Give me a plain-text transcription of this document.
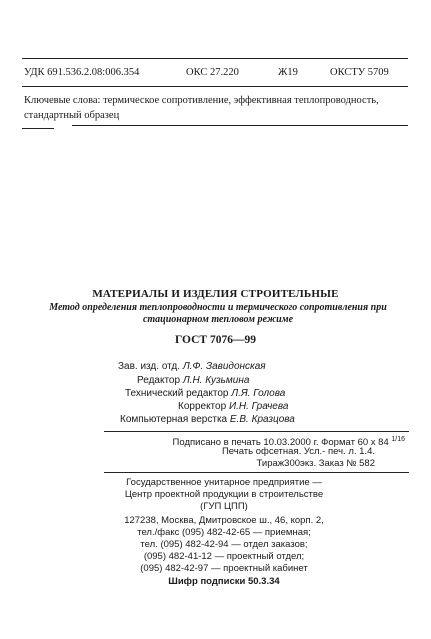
УДК 691.536.2.08:006.354	ОКС 27.220	Ж19	ОКСТУ 5709
Ключевые слова: термическое сопротивление, эффективная теплопроводность, стандартный образец
МАТЕРИАЛЫ И ИЗДЕЛИЯ СТРОИТЕЛЬНЫЕ
Метод определения теплопроводности и термического сопротивления при стационарном тепловом режиме
ГОСТ 7076—99
Зав. изд. отд. Л.Ф. Завидонская
Редактор Л.Н. Кузьмина
Технический редактор Л.Я. Голова
Корректор И.Н. Грачева
Компьютерная верстка Е.В. Кразцова
Подписано в печать 10.03.2000 г. Формат 60 x 84 $^{1/16}$
Печать офсетная. Усл.- печ. л. 1.4.
Тираж300экз. Заказ № 582
Государственное унитарное предприятие —
Центр проектной продукции в строительстве
(ГУП ЦПП)
127238, Москва, Дмитровское ш., 46, корп. 2,
тел./факс (095) 482-42-65 — приемная;
тел. (095) 482-42-94 — отдел заказов;
(095) 482-41-12 — проектный отдел;
(095) 482-42-97 — проектный кабинет
Шифр подписки 50.3.34
